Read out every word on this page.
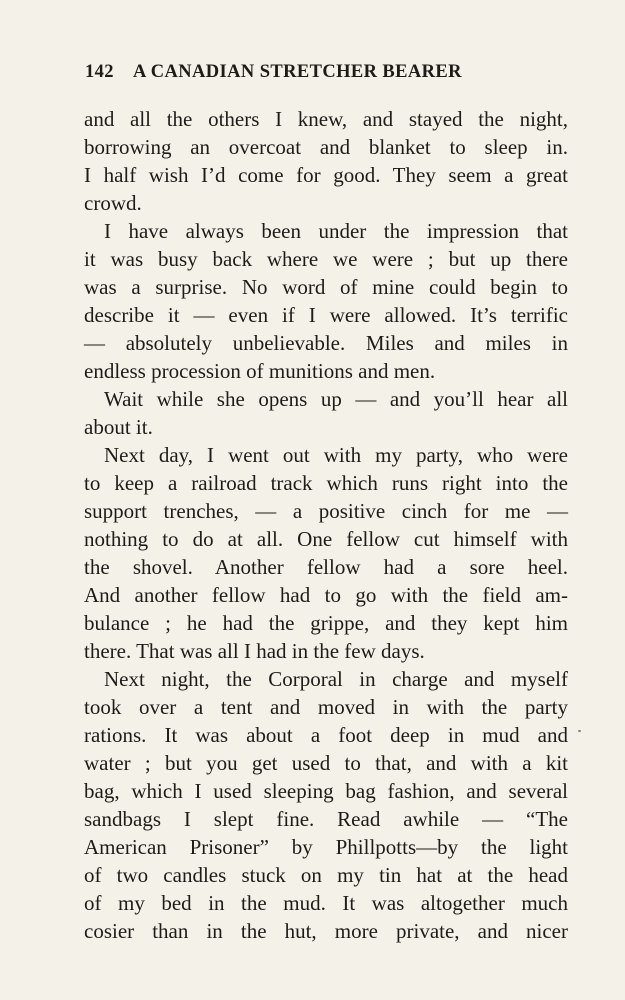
142 A CANADIAN STRETCHER BEARER
and all the others I knew, and stayed the night,
borrowing an overcoat and blanket to sleep in.
I half wish I’d come for good. They seem a great
crowd.
I have always been under the impression that
it was busy back where we were ; but up there
was a surprise. No word of mine could begin to
describe it — even if I were allowed. It’s terrific
— absolutely unbelievable. Miles and miles in
endless procession of munitions and men.
Wait while she opens up — and you’ll hear all
about it.
Next day, I went out with my party, who were
to keep a railroad track which runs right into the
support trenches, — a positive cinch for me —
nothing to do at all. One fellow cut himself with
the shovel. Another fellow had a sore heel.
And another fellow had to go with the field am-
bulance ; he had the grippe, and they kept him
there. That was all I had in the few days.
Next night, the Corporal in charge and myself
took over a tent and moved in with the party
rations. It was about a foot deep in mud and
water ; but you get used to that, and with a kit
bag, which I used sleeping bag fashion, and several
sandbags I slept fine. Read awhile — “The
American Prisoner” by Phillpotts—by the light
of two candles stuck on my tin hat at the head
of my bed in the mud. It was altogether much
cosier than in the hut, more private, and nicer
